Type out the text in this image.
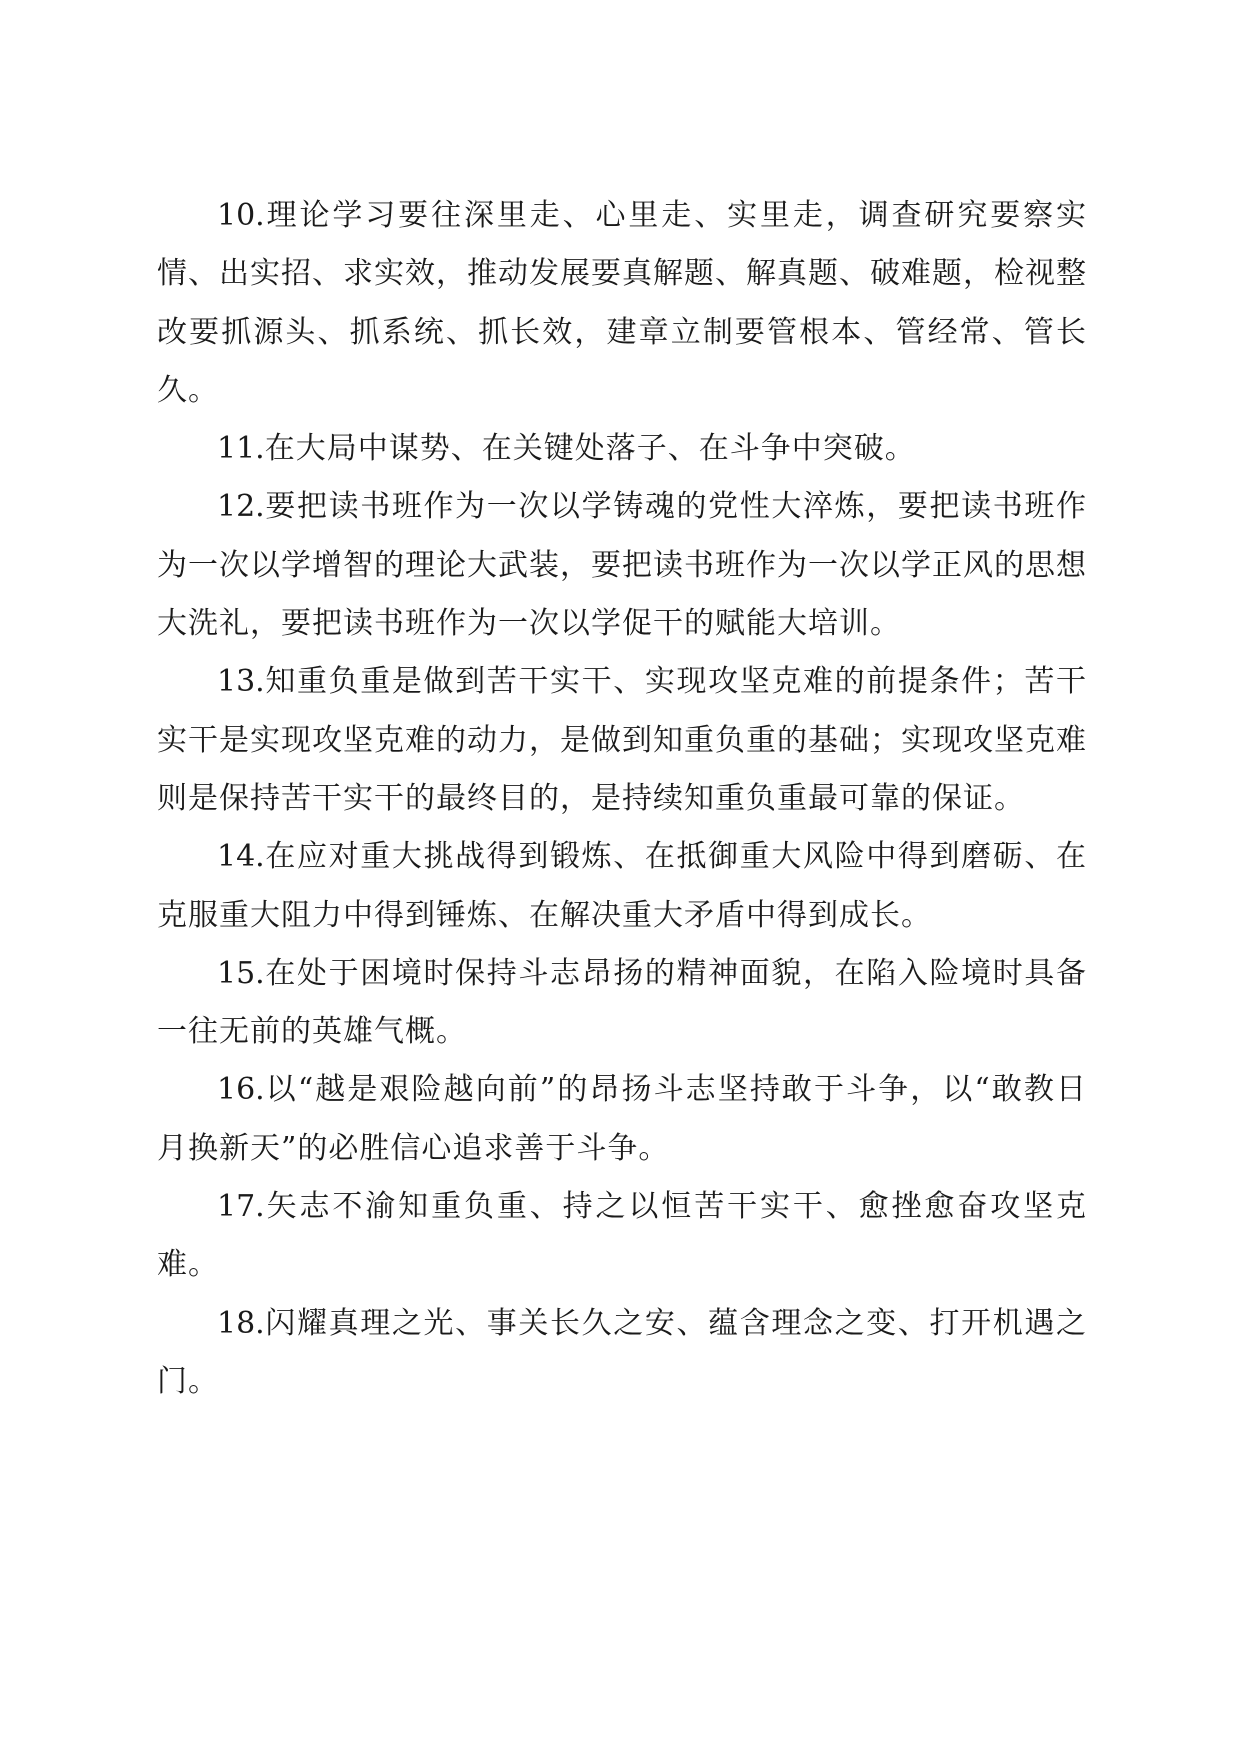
10.理论学习要往深里走、心里走、实里走，调查研究要察实情、出实招、求实效，推动发展要真解题、解真题、破难题，检视整改要抓源头、抓系统、抓长效，建章立制要管根本、管经常、管长久。

11.在大局中谋势、在关键处落子、在斗争中突破。

12.要把读书班作为一次以学铸魂的党性大淬炼，要把读书班作为一次以学增智的理论大武装，要把读书班作为一次以学正风的思想大洗礼，要把读书班作为一次以学促干的赋能大培训。

13.知重负重是做到苦干实干、实现攻坚克难的前提条件；苦干实干是实现攻坚克难的动力，是做到知重负重的基础；实现攻坚克难则是保持苦干实干的最终目的，是持续知重负重最可靠的保证。

14.在应对重大挑战得到锻炼、在抵御重大风险中得到磨砺、在克服重大阻力中得到锤炼、在解决重大矛盾中得到成长。

15.在处于困境时保持斗志昂扬的精神面貌，在陷入险境时具备一往无前的英雄气概。

16.以“越是艰险越向前”的昂扬斗志坚持敢于斗争，以“敢教日月换新天”的必胜信心追求善于斗争。

17.矢志不渝知重负重、持之以恒苦干实干、愈挫愈奋攻坚克难。

18.闪耀真理之光、事关长久之安、蕴含理念之变、打开机遇之门。
